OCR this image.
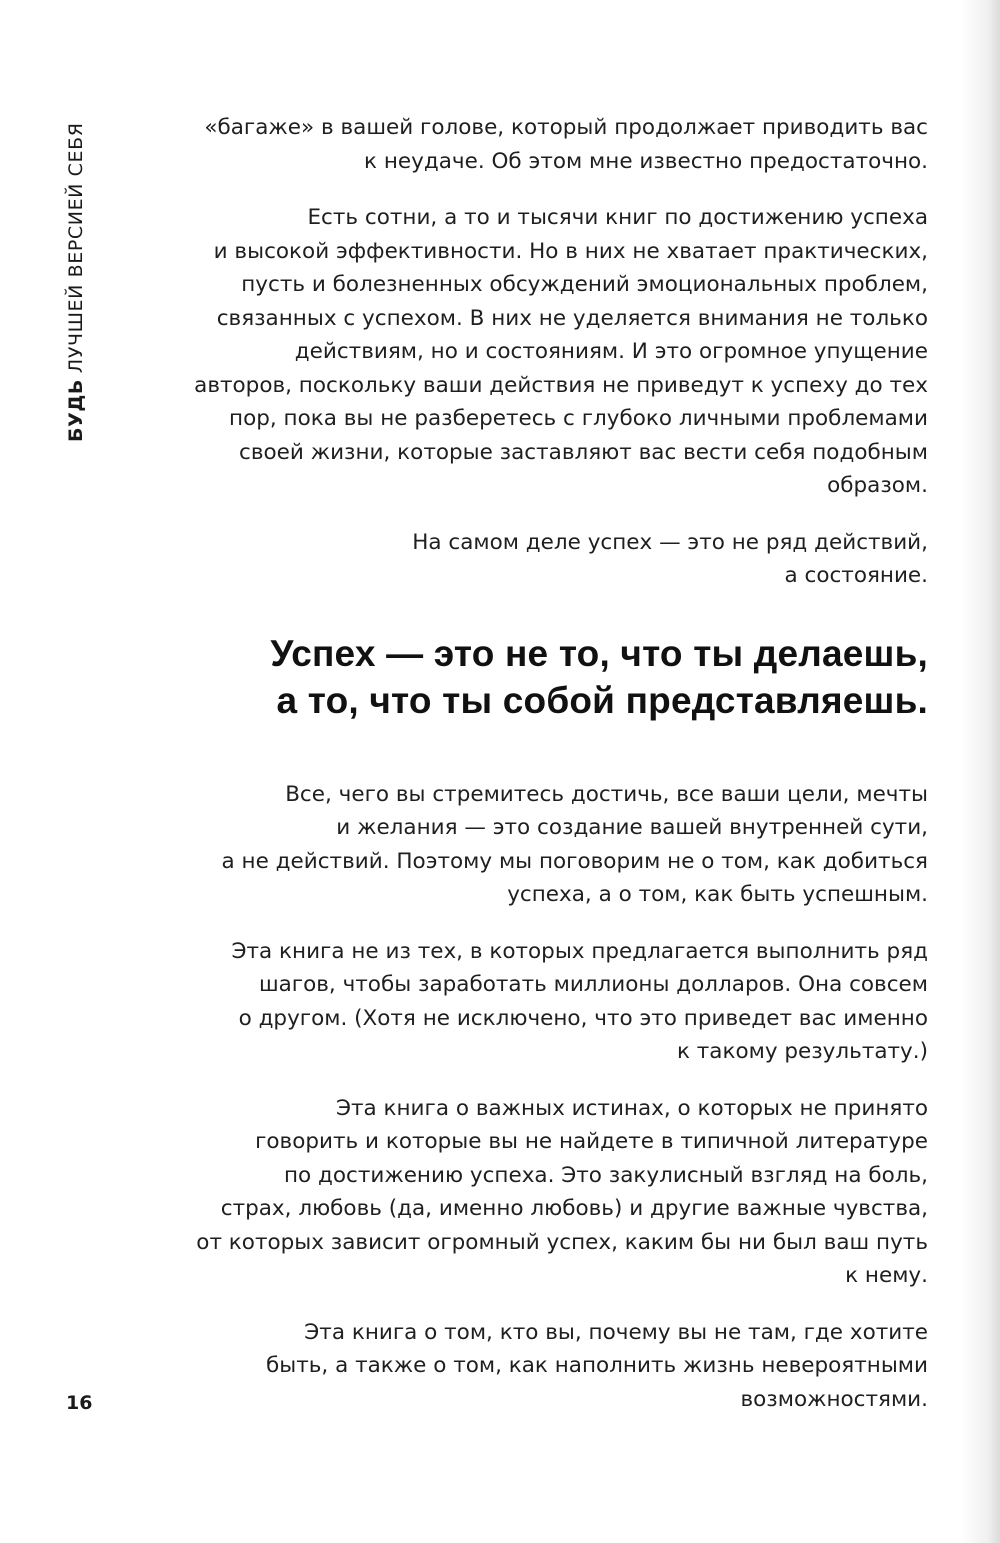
БУДЬЛУЧШЕЙ ВЕРСИЕЙ СЕБЯ	«багаже» в вашей голове, который продолжает приводить вас
к неудаче. Об этом мне известно предостаточно.

Есть сотни, а то и тысячи книг по достижению успеха
и высокой эффективности. Но в них не хватает практических,
пусть и болезненных обсуждений эмоциональных проблем,
связанных с успехом. В них не уделяется внимания не только
действиям, но и состояниям. И это огромное упущение
авторов, поскольку ваши действия не приведут к успеху до тех
пор, пока вы не разберетесь с глубоко личными проблемами
своей жизни, которые заставляют вас вести себя подобным
образом.

На самом деле успех — это не ряд действий,
а состояние.

Успех — это не то, что ты делаешь,
а то, что ты собой представляешь.

Все, чего вы стремитесь достичь, все ваши цели, мечты
и желания — это создание вашей внутренней сути,
а не действий. Поэтому мы поговорим не о том, как добиться
успеха, а о том, как быть успешным.

Эта книга не из тех, в которых предлагается выполнить ряд
шагов, чтобы заработать миллионы долларов. Она совсем
о другом. (Хотя не исключено, что это приведет вас именно
к такому результату.)

Эта книга о важных истинах, о которых не принято
говорить и которые вы не найдете в типичной литературе
по достижению успеха. Это закулисный взгляд на боль,
страх, любовь (да, именно любовь) и другие важные чувства,
от которых зависит огромный успех, каким бы ни был ваш путь
к нему.

Эта книга о том, кто вы, почему вы не там, где хотите
быть, а также о том, как наполнить жизнь невероятными
возможностями.

16
